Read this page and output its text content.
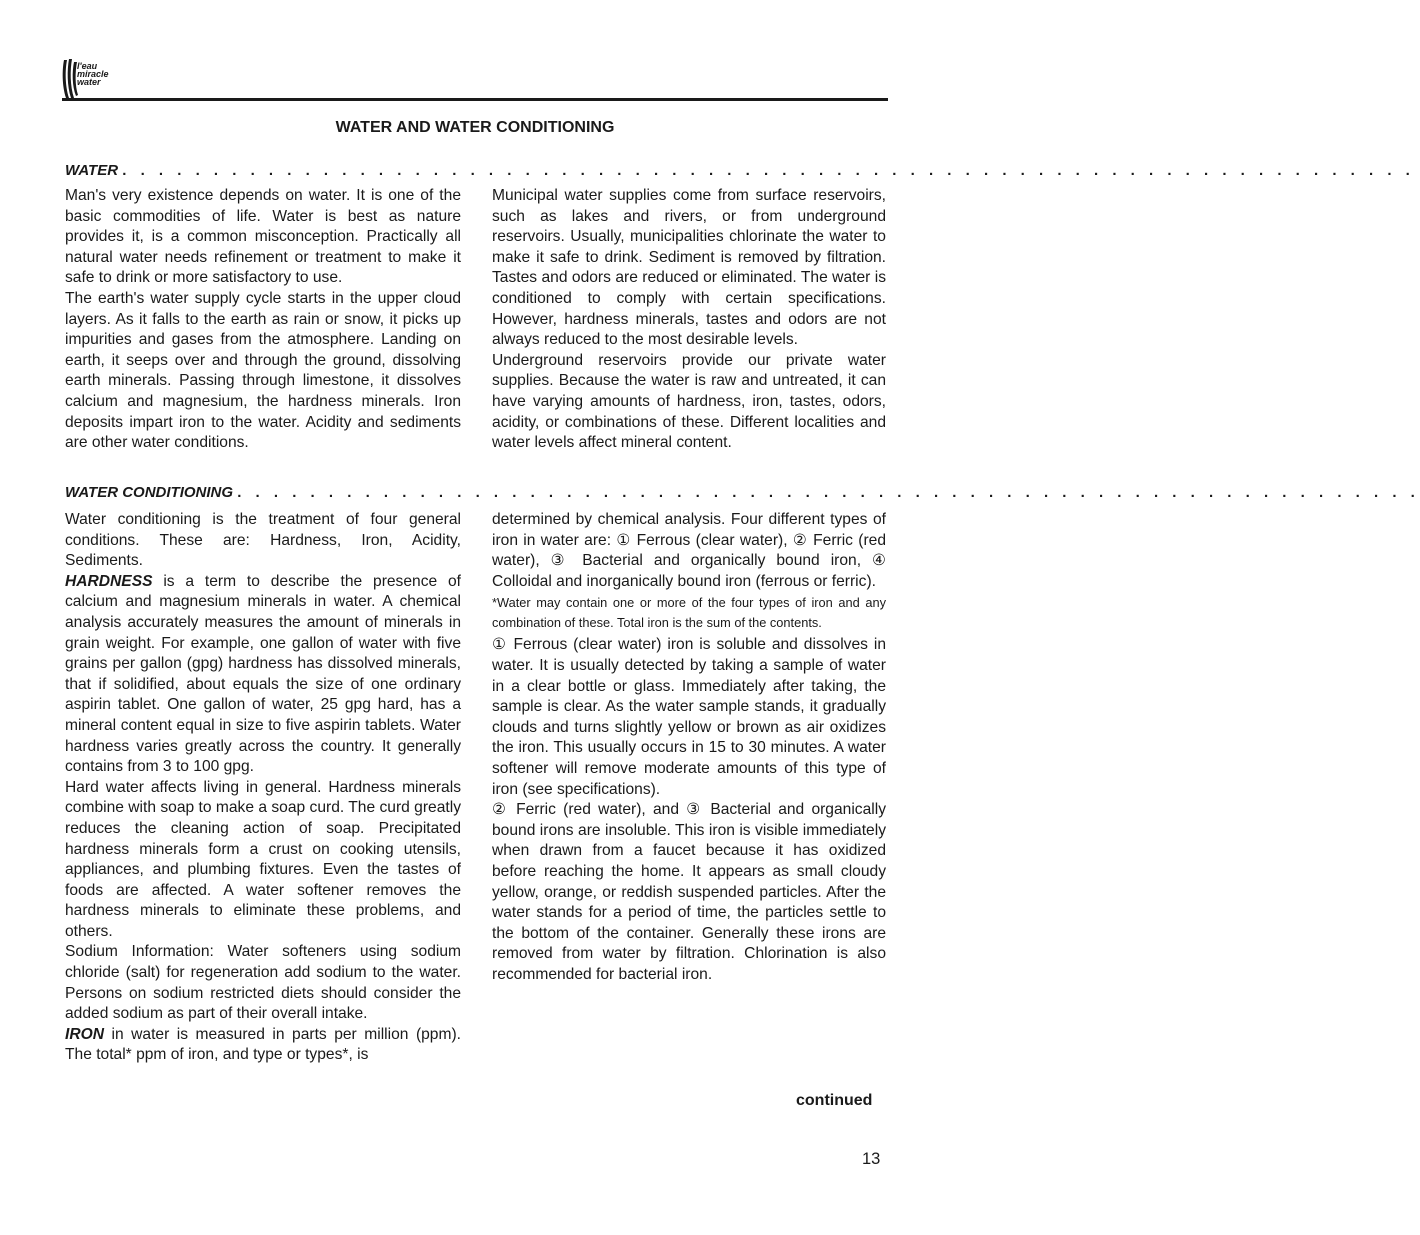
l'eau
miracle
water
WATER AND WATER CONDITIONING
WATER . . . . . . . . . . . . . . . . . . . . . . . . . . . . . . . . . . . . . . . . . . . . . . . . . . . . . . . . . . . . . . . . . . . . . . .

Man's very existence depends on water. It is one of the basic commodities of life. Water is best as nature provides it, is a common misconception. Practically all natural water needs refinement or treatment to make it safe to drink or more satisfactory to use.

The earth's water supply cycle starts in the upper cloud layers. As it falls to the earth as rain or snow, it picks up impurities and gases from the atmosphere. Landing on earth, it seeps over and through the ground, dissolving earth minerals. Passing through limestone, it dissolves calcium and magnesium, the hardness minerals. Iron deposits impart iron to the water. Acidity and sediments are other water conditions.

Municipal water supplies come from surface reservoirs, such as lakes and rivers, or from underground reservoirs. Usually, municipalities chlorinate the water to make it safe to drink. Sediment is removed by filtration. Tastes and odors are reduced or eliminated. The water is conditioned to comply with certain specifications. However, hardness minerals, tastes and odors are not always reduced to the most desirable levels.

Underground reservoirs provide our private water supplies. Because the water is raw and untreated, it can have varying amounts of hardness, iron, tastes, odors, acidity, or combinations of these. Different localities and water levels affect mineral content.

WATER CONDITIONING . . . . . . . . . . . . . . . . . . . . . . . . . . . . . . . . . . . . . . . . . . . . . . . . . . . . . . . . . . . . . . . . .

Water conditioning is the treatment of four general conditions. These are: Hardness, Iron, Acidity, Sediments.

HARDNESS is a term to describe the presence of calcium and magnesium minerals in water. A chemical analysis accurately measures the amount of minerals in grain weight. For example, one gallon of water with five grains per gallon (gpg) hardness has dissolved minerals, that if solidified, about equals the size of one ordinary aspirin tablet. One gallon of water, 25 gpg hard, has a mineral content equal in size to five aspirin tablets. Water hardness varies greatly across the country. It generally contains from 3 to 100 gpg.

Hard water affects living in general. Hardness minerals combine with soap to make a soap curd. The curd greatly reduces the cleaning action of soap. Precipitated hardness minerals form a crust on cooking utensils, appliances, and plumbing fixtures. Even the tastes of foods are affected. A water softener removes the hardness minerals to eliminate these problems, and others.

Sodium Information: Water softeners using sodium chloride (salt) for regeneration add sodium to the water. Persons on sodium restricted diets should consider the added sodium as part of their overall intake.

IRON in water is measured in parts per million (ppm). The total* ppm of iron, and type or types*, is

determined by chemical analysis. Four different types of iron in water are: ① Ferrous (clear water), ② Ferric (red water), ③ Bacterial and organically bound iron, ④ Colloidal and inorganically bound iron (ferrous or ferric).

*Water may contain one or more of the four types of iron and any combination of these. Total iron is the sum of the contents.

① Ferrous (clear water) iron is soluble and dissolves in water. It is usually detected by taking a sample of water in a clear bottle or glass. Immediately after taking, the sample is clear. As the water sample stands, it gradually clouds and turns slightly yellow or brown as air oxidizes the iron. This usually occurs in 15 to 30 minutes. A water softener will remove moderate amounts of this type of iron (see specifications).

② Ferric (red water), and ③ Bacterial and organically bound irons are insoluble. This iron is visible immediately when drawn from a faucet because it has oxidized before reaching the home. It appears as small cloudy yellow, orange, or reddish suspended particles. After the water stands for a period of time, the particles settle to the bottom of the container. Generally these irons are removed from water by filtration. Chlorination is also recommended for bacterial iron.

continued
13
